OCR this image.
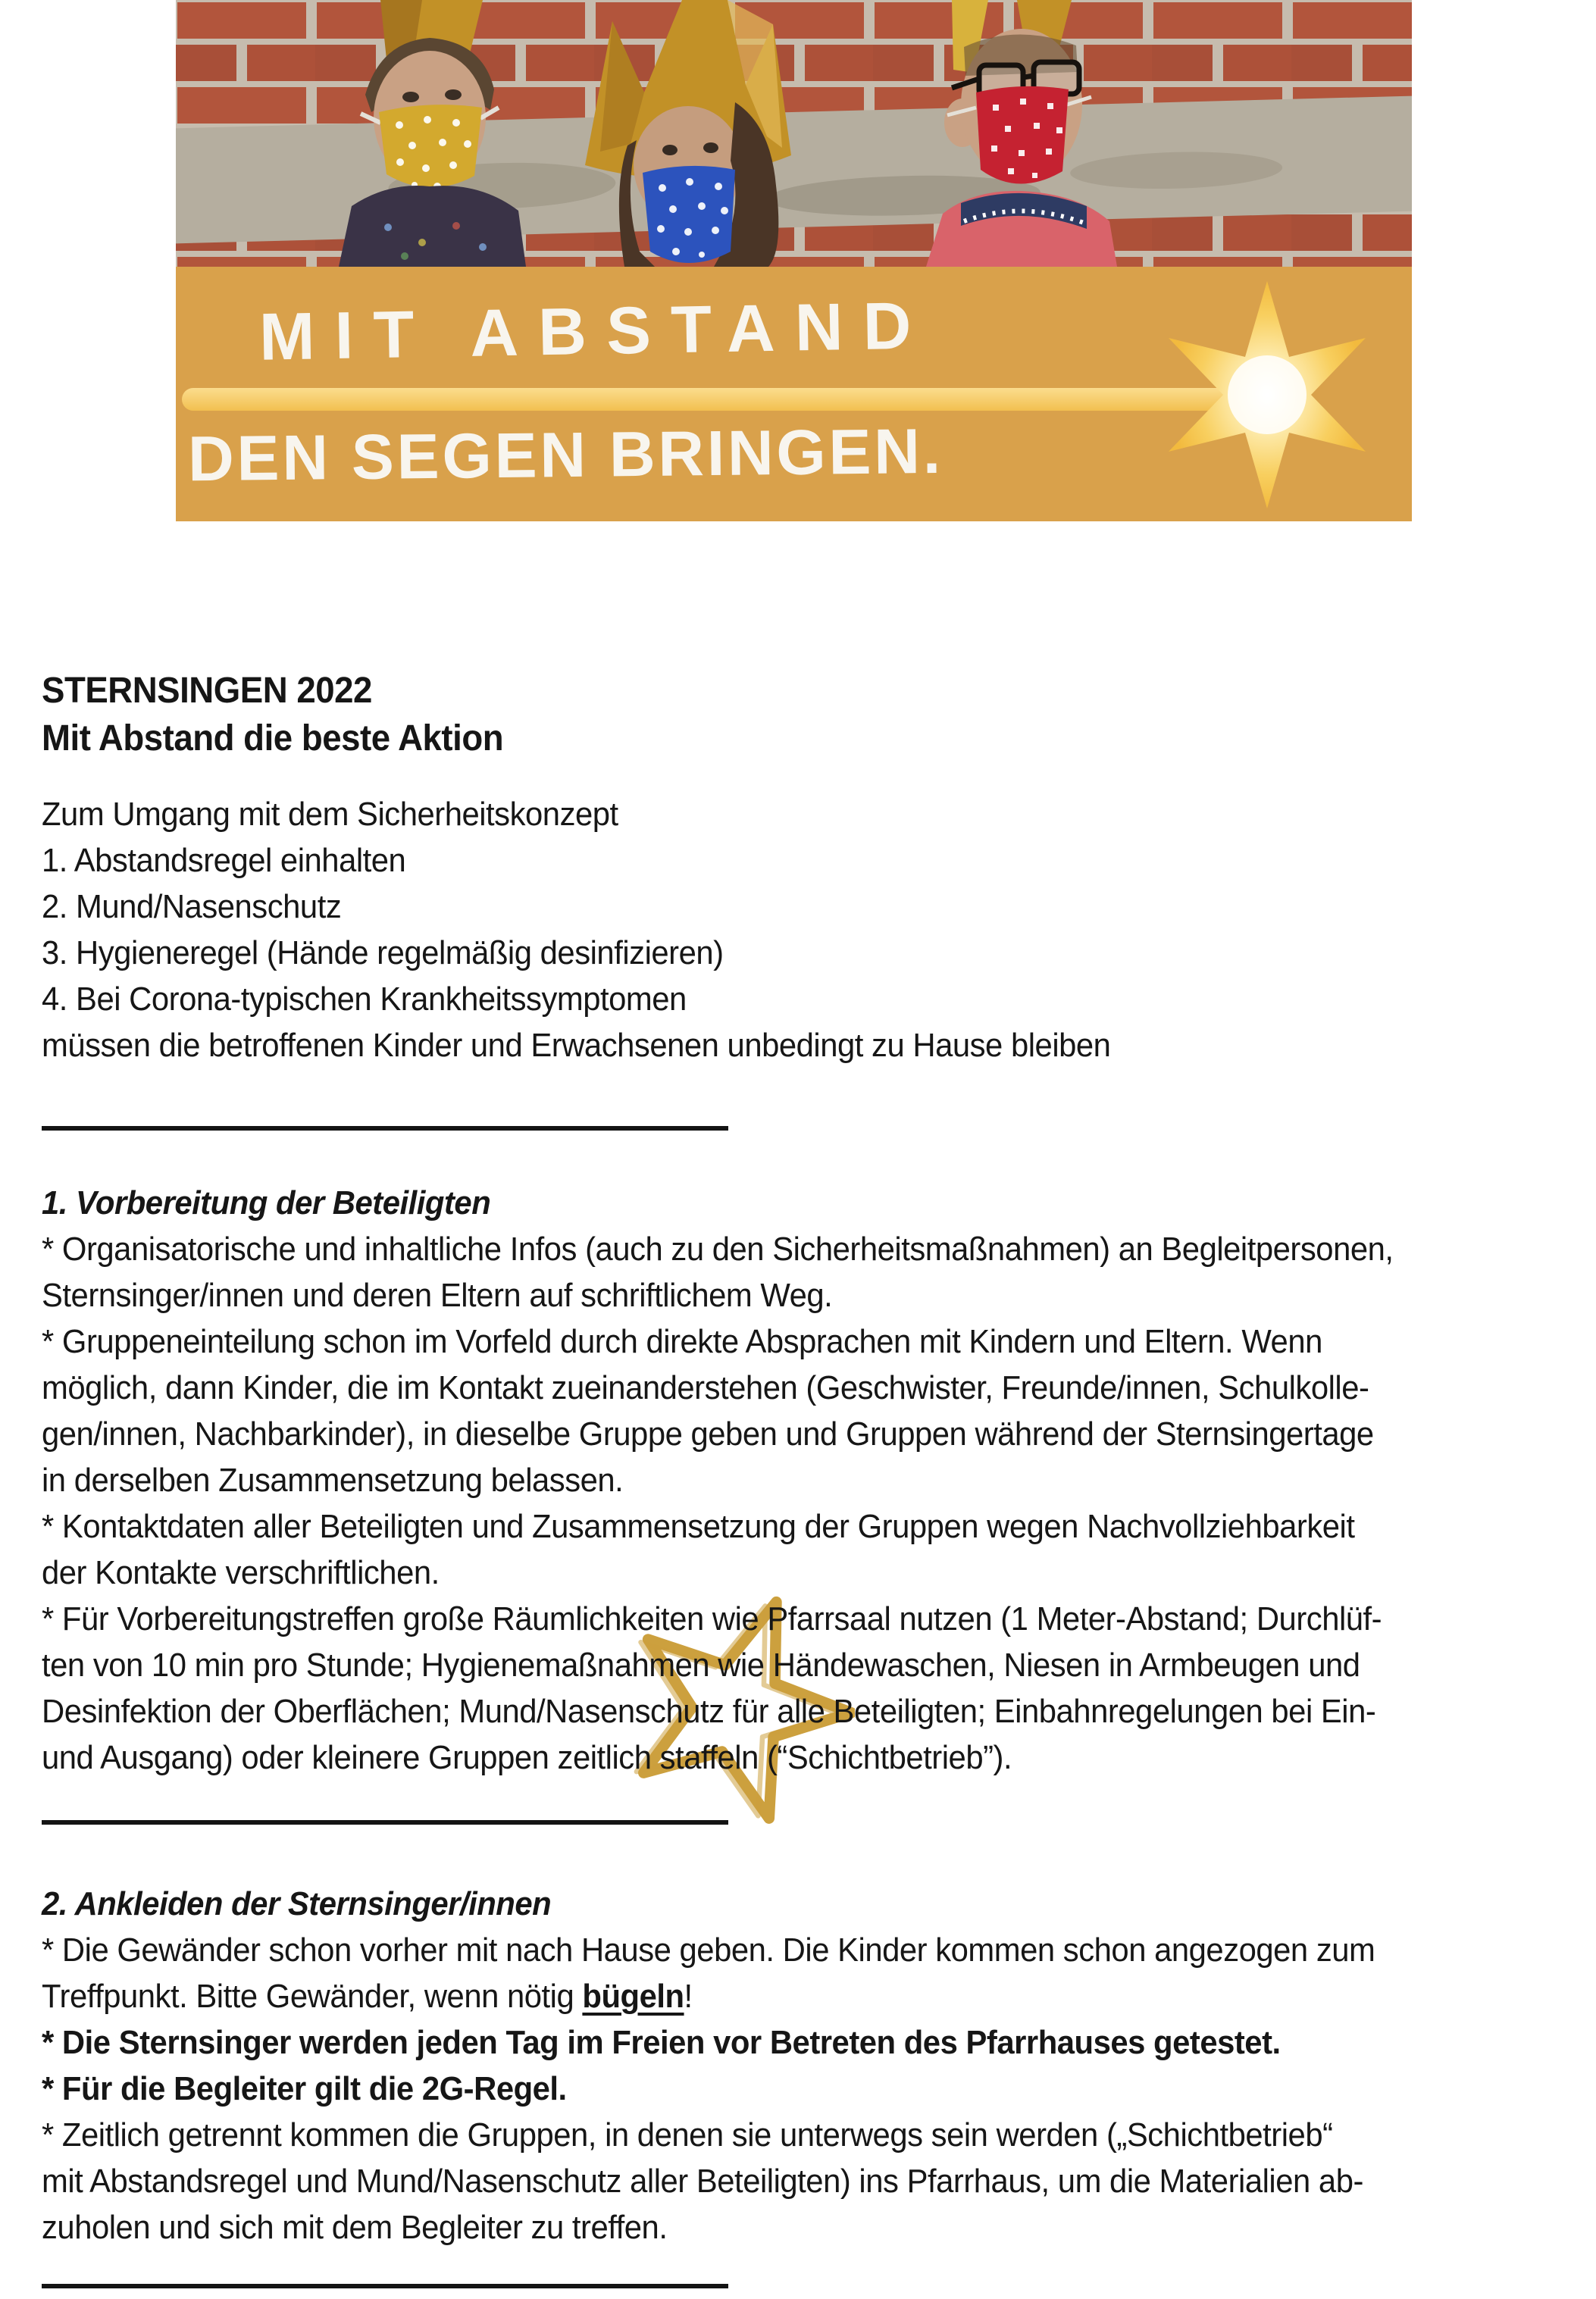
MIT ABSTAND
DEN SEGEN BRINGEN.
STERNSINGEN 2022
Mit Abstand die beste Aktion
Zum Umgang mit dem Sicherheitskonzept
1. Abstandsregel einhalten
2. Mund/Nasenschutz
3. Hygieneregel (Hände regelmäßig desinfizieren)
4. Bei Corona-typischen Krankheitssymptomen
müssen die betroffenen Kinder und Erwachsenen unbedingt zu Hause bleiben
1. Vorbereitung der Beteiligten
* Organisatorische und inhaltliche Infos (auch zu den Sicherheitsmaßnahmen) an Begleitpersonen,
Sternsinger/innen und deren Eltern auf schriftlichem Weg.
* Gruppeneinteilung schon im Vorfeld durch direkte Absprachen mit Kindern und Eltern. Wenn
möglich, dann Kinder, die im Kontakt zueinanderstehen (Geschwister, Freunde/innen, Schulkolle-
gen/innen, Nachbarkinder), in dieselbe Gruppe geben und Gruppen während der Sternsingertage
in derselben Zusammensetzung belassen.
* Kontaktdaten aller Beteiligten und Zusammensetzung der Gruppen wegen Nachvollziehbarkeit
der Kontakte verschriftlichen.
* Für Vorbereitungstreffen große Räumlichkeiten wie Pfarrsaal nutzen (1 Meter-Abstand; Durchlüf-
ten von 10 min pro Stunde; Hygienemaßnahmen wie Händewaschen, Niesen in Armbeugen und
Desinfektion der Oberflächen; Mund/Nasenschutz für alle Beteiligten; Einbahnregelungen bei Ein-
und Ausgang) oder kleinere Gruppen zeitlich staffeln (“Schichtbetrieb”).
2. Ankleiden der Sternsinger/innen
* Die Gewänder schon vorher mit nach Hause geben. Die Kinder kommen schon angezogen zum
Treffpunkt. Bitte Gewänder, wenn nötig bügeln!
* Die Sternsinger werden jeden Tag im Freien vor Betreten des Pfarrhauses getestet.
* Für die Begleiter gilt die 2G-Regel.
* Zeitlich getrennt kommen die Gruppen, in denen sie unterwegs sein werden („Schichtbetrieb“
mit Abstandsregel und Mund/Nasenschutz aller Beteiligten) ins Pfarrhaus, um die Materialien ab-
zuholen und sich mit dem Begleiter zu treffen.
